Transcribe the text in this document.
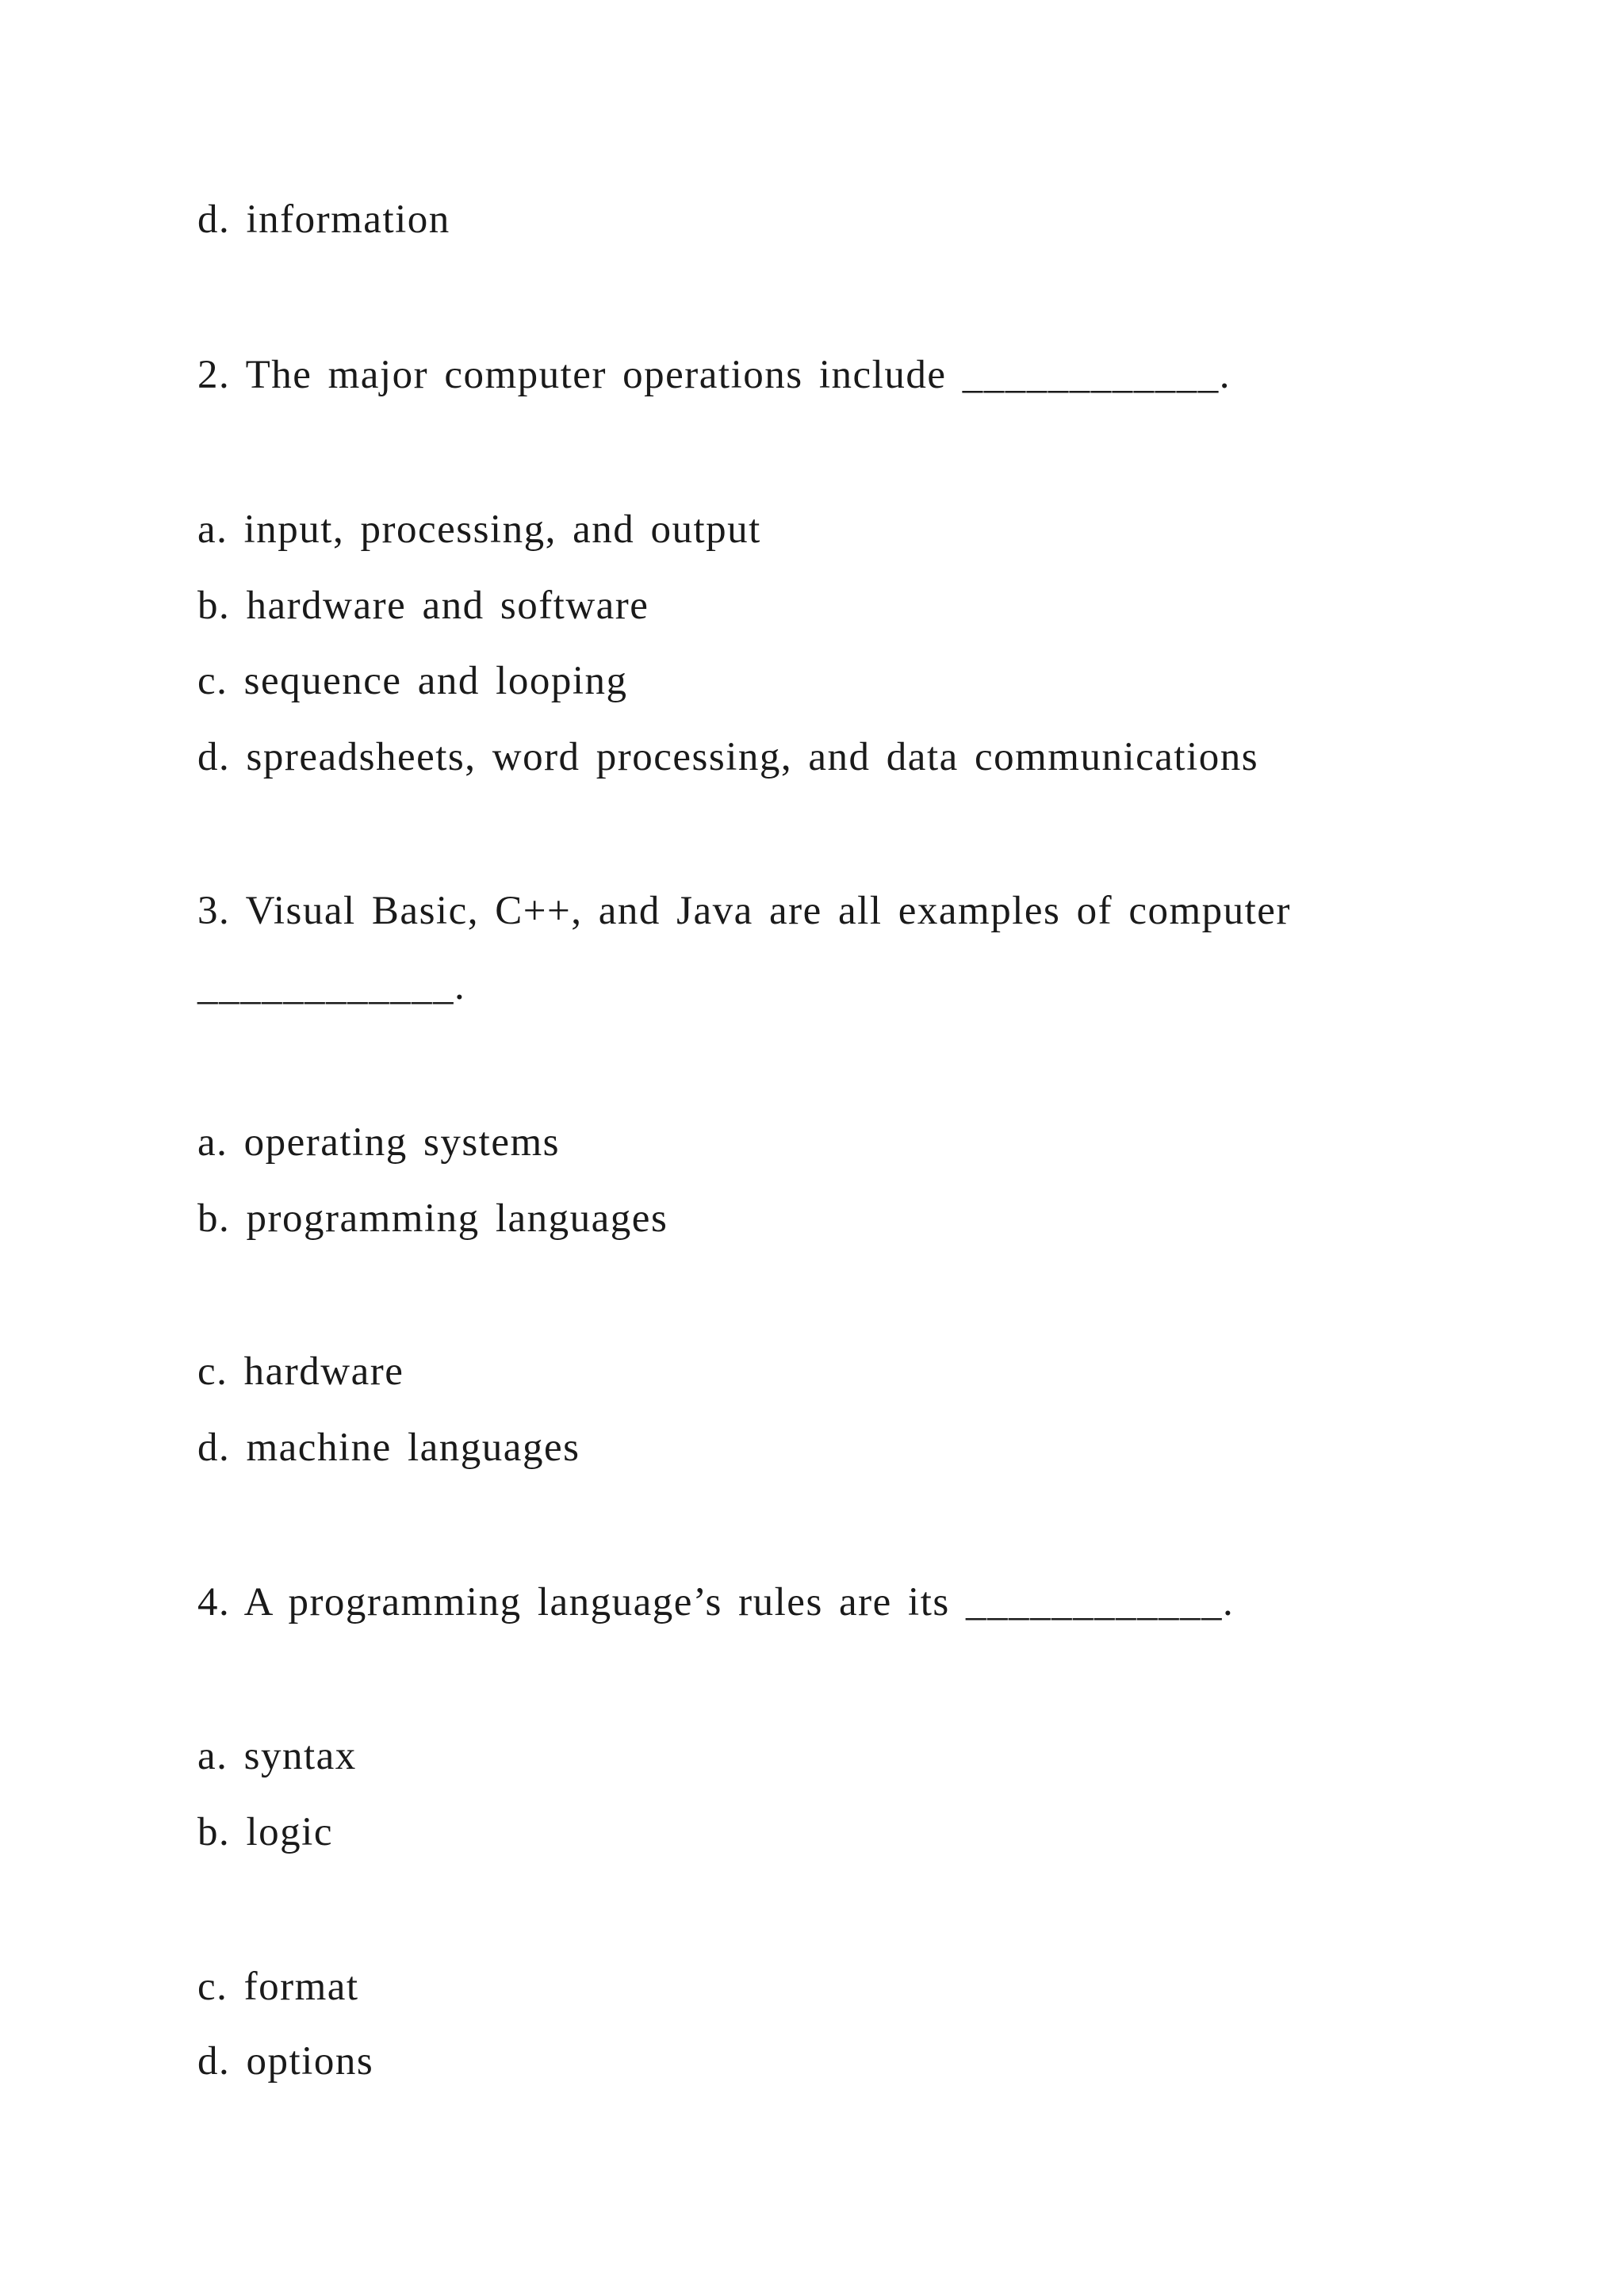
d. information
2. The major computer operations include ____________.
a. input, processing, and output
b. hardware and software
c. sequence and looping
d. spreadsheets, word processing, and data communications
3. Visual Basic, C++, and Java are all examples of computer
____________.
a. operating systems
b. programming languages
c. hardware
d. machine languages
4. A programming language’s rules are its ____________.
a. syntax
b. logic
c. format
d. options
